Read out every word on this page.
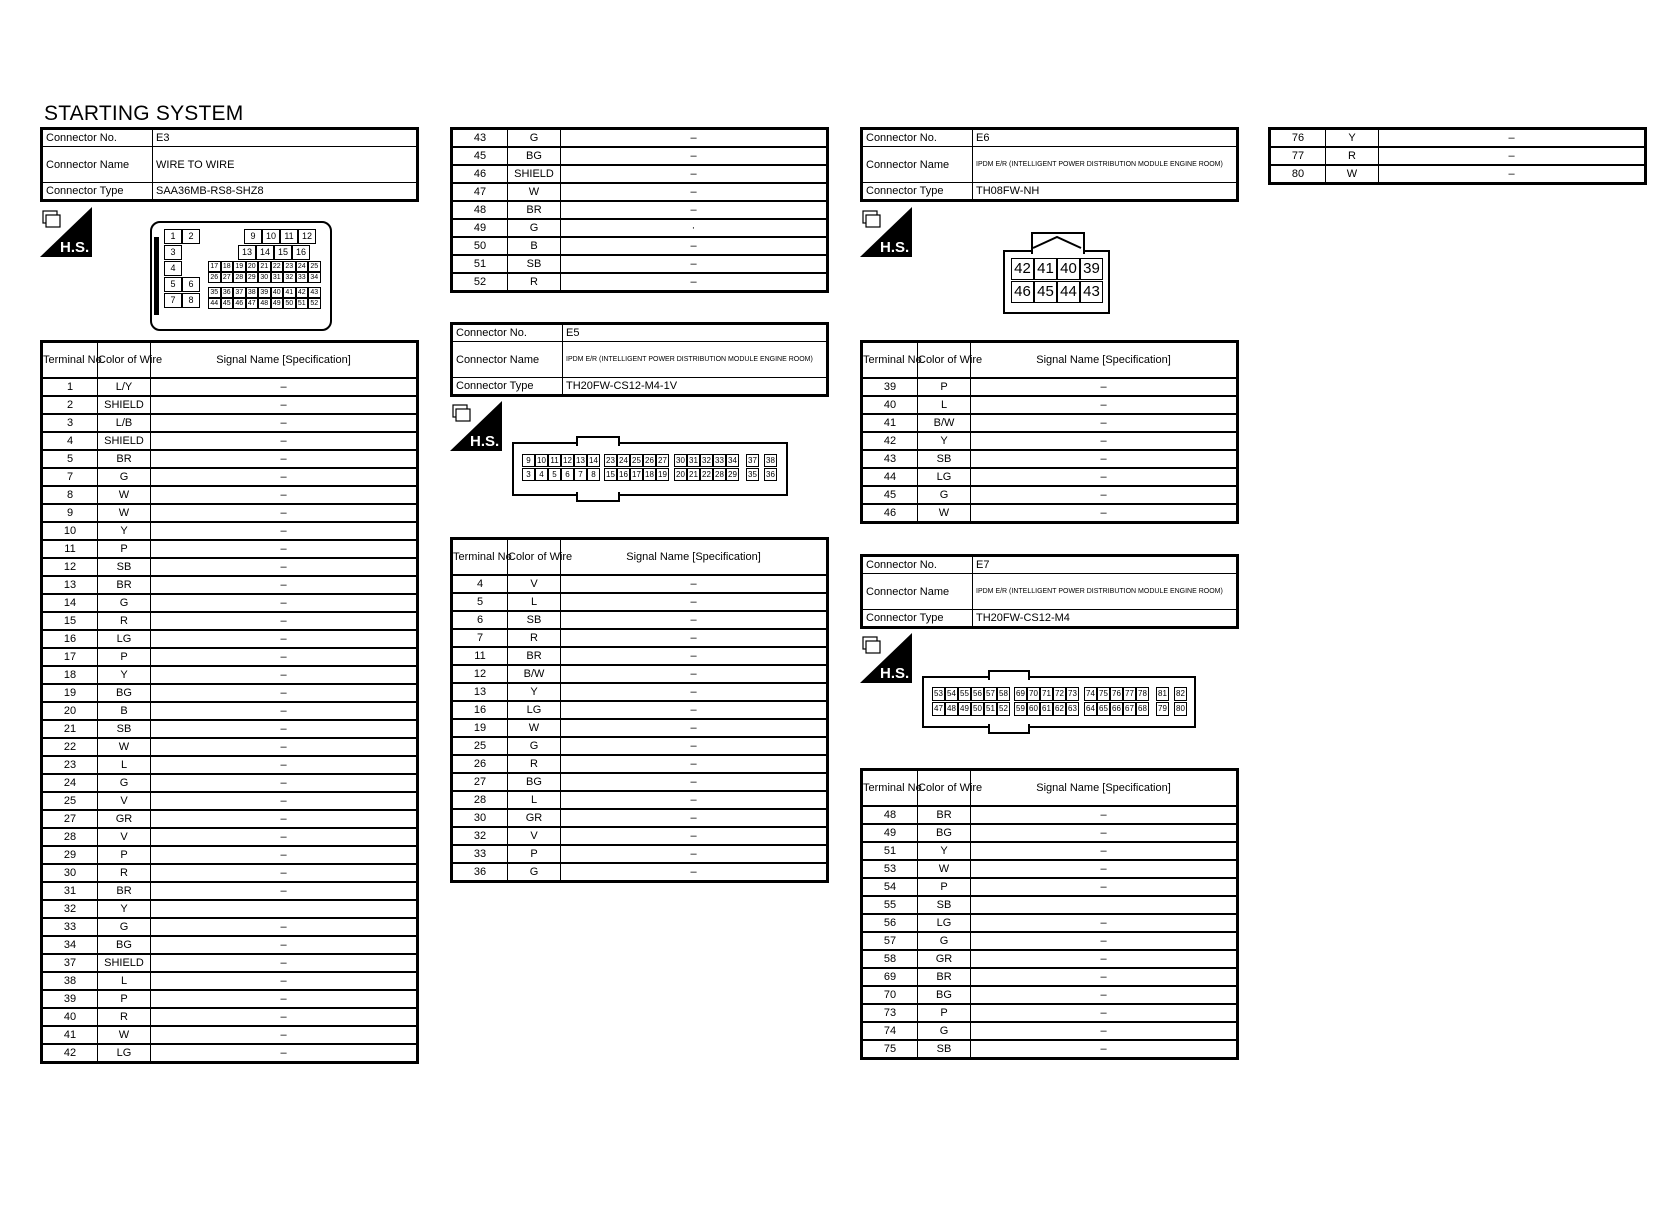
STARTING SYSTEM
Connector No.	E3
Connector Name	WIRE TO WIRE
Connector Type	SAA36MB-RS8-SHZ8
H.S.
1	2
3
4
5	6
7	8
9	10 11 12
13 14 15 16
17 18 19 20 21 22 23 24 25
26 27 28 29 30 31 32 33 34
35 36 37 38 39 40 41 42 43
44 45 46 47 48 49 50 51 52
Terminal No.	Color of Wire	Signal Name [Specification]
1	L/Y	–
2	SHIELD	–
3	L/B	–
4	SHIELD	–
5	BR	–
7	G	–
8	W	–
9	W	–
10	Y	–
11	P	–
12	SB	–
13	BR	–
14	G	–
15	R	–
16	LG	–
17	P	–
18	Y	–
19	BG	–
20	B	–
21	SB	–
22	W	–
23	L	–
24	G	–
25	V	–
27	GR	–
28	V	–
29	P	–
30	R	–
31	BR	–
32	Y	
33	G	–
34	BG	–
37	SHIELD	–
38	L	–
39	P	–
40	R	–
41	W	–
42	LG	–
43	G	–
45	BG	–
46	SHIELD	–
47	W	–
48	BR	–
49	G	·
50	B	–
51	SB	–
52	R	–
Connector No.	E5
Connector Name	IPDM E/R (INTELLIGENT POWER DISTRIBUTION MODULE ENGINE ROOM)
Connector Type	TH20FW-CS12-M4-1V
H.S.
9 10 11 12 13 14 23 24 25 26 27 30 31 32 33 34 37 38
3	4	5	6	7	8	15 16 17 18 19 20 21 22 28 29 35 36
Terminal No.	Color of Wire	Signal Name [Specification]
4	V	–
5	L	–
6	SB	–
7	R	–
11	BR	–
12	B/W	–
13	Y	–
16	LG	–
19	W	–
25	G	–
26	R	–
27	BG	–
28	L	–
30	GR	–
32	V	–
33	P	–
36	G	–
Connector No.	E6
Connector Name	IPDM E/R (INTELLIGENT POWER DISTRIBUTION MODULE ENGINE ROOM)
Connector Type	TH08FW-NH
H.S.
42 41 40 39
46 45 44 43
Terminal No.	Color of Wire	Signal Name [Specification]
39	P	–
40	L	–
41	B/W	–
42	Y	–
43	SB	–
44	LG	–
45	G	–
46	W	–
Connector No.	E7
Connector Name	IPDM E/R (INTELLIGENT POWER DISTRIBUTION MODULE ENGINE ROOM)
Connector Type	TH20FW-CS12-M4
H.S.
53 54 55 56 57 58 69 70 71 72 73 74 75 76 77 78 81 82
47 48 49 50 51 52 59 60 61 62 63 64 65 66 67 68 79 80
Terminal No.	Color of Wire	Signal Name [Specification]
48	BR	–
49	BG	–
51	Y	–
53	W	–
54	P	–
55	SB	
56	LG	–
57	G	–
58	GR	–
69	BR	–
70	BG	–
73	P	–
74	G	–
75	SB	–
76	Y	–
77	R	–
80	W	–
